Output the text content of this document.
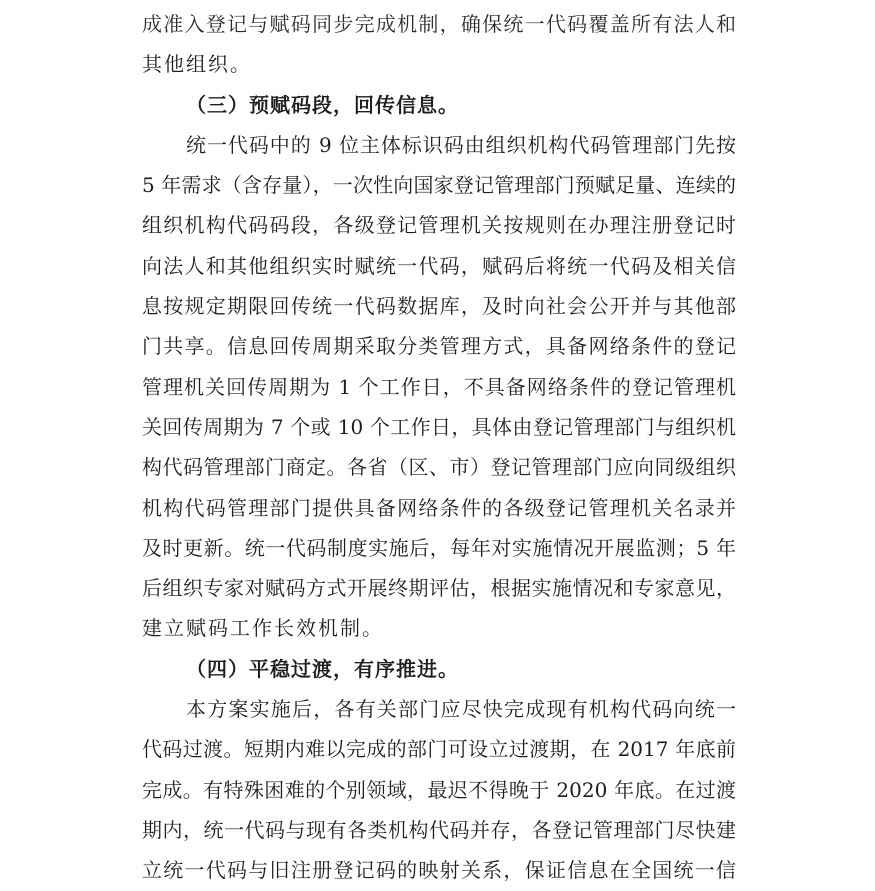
成准入登记与赋码同步完成机制，确保统一代码覆盖所有法人和
其他组织。
（三）预赋码段，回传信息。
统一代码中的 9 位主体标识码由组织机构代码管理部门先按
5 年需求（含存量），一次性向国家登记管理部门预赋足量、连续的
组织机构代码码段，各级登记管理机关按规则在办理注册登记时
向法人和其他组织实时赋统一代码，赋码后将统一代码及相关信
息按规定期限回传统一代码数据库，及时向社会公开并与其他部
门共享。信息回传周期采取分类管理方式，具备网络条件的登记
管理机关回传周期为 1 个工作日，不具备网络条件的登记管理机
关回传周期为 7 个或 10 个工作日，具体由登记管理部门与组织机
构代码管理部门商定。各省（区、市）登记管理部门应向同级组织
机构代码管理部门提供具备网络条件的各级登记管理机关名录并
及时更新。统一代码制度实施后，每年对实施情况开展监测；5 年
后组织专家对赋码方式开展终期评估，根据实施情况和专家意见，
建立赋码工作长效机制。
（四）平稳过渡，有序推进。
本方案实施后，各有关部门应尽快完成现有机构代码向统一
代码过渡。短期内难以完成的部门可设立过渡期，在 2017 年底前
完成。有特殊困难的个别领域，最迟不得晚于 2020 年底。在过渡
期内，统一代码与现有各类机构代码并存，各登记管理部门尽快建
立统一代码与旧注册登记码的映射关系，保证信息在全国统一信
